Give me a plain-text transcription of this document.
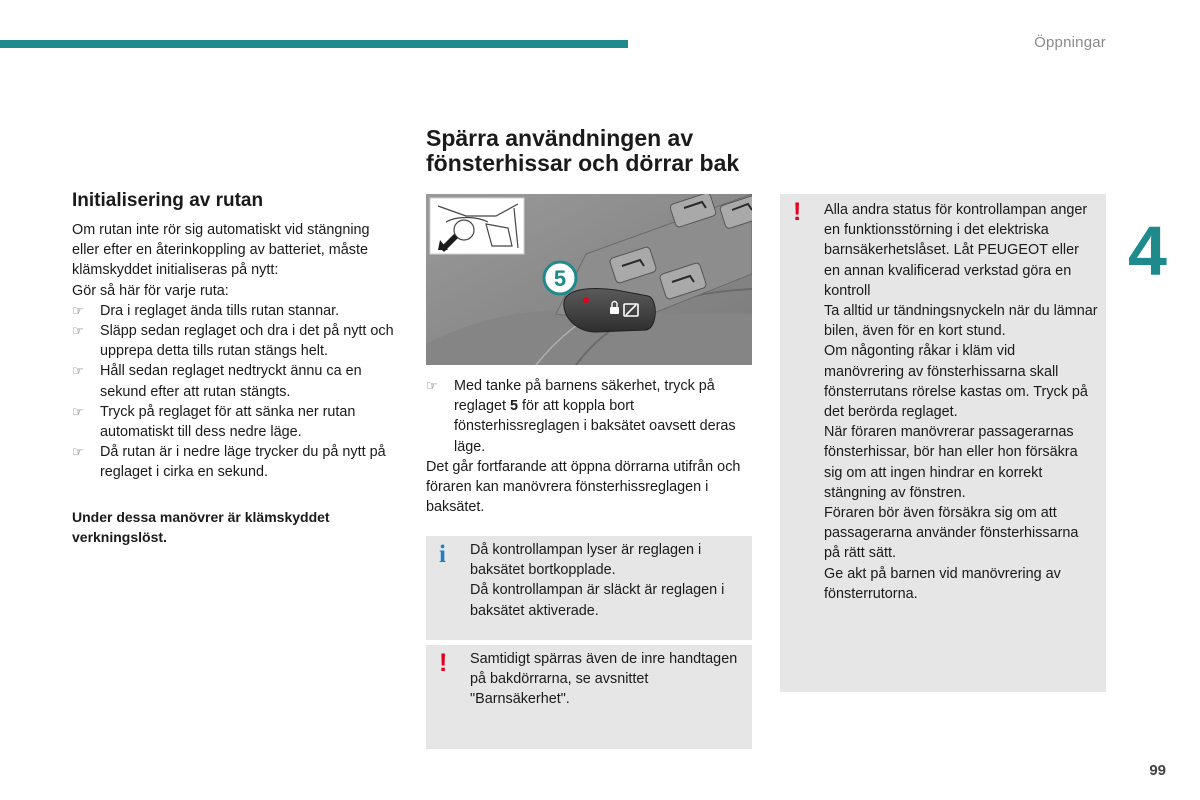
Öppningar
4
Initialisering av rutan

Om rutan inte rör sig automatiskt vid stängning eller efter en återinkoppling av batteriet, måste klämskyddet initialiseras på nytt:

Gör så här för varje ruta:

☞ Dra i reglaget ända tills rutan stannar.
☞ Släpp sedan reglaget och dra i det på nytt och upprepa detta tills rutan stängs helt.
☞ Håll sedan reglaget nedtryckt ännu ca en sekund efter att rutan stängts.
☞ Tryck på reglaget för att sänka ner rutan automatiskt till dess nedre läge.
☞ Då rutan är i nedre läge trycker du på nytt på reglaget i cirka en sekund.

Under dessa manövrer är klämskyddet verkningslöst.

Spärra användningen av
fönsterhissar och dörrar bak
5
☞ Med tanke på barnens säkerhet, tryck på reglaget 5 för att koppla bort fönsterhissreglagen i baksätet oavsett deras läge.

Det går fortfarande att öppna dörrarna utifrån och föraren kan manövrera fönsterhissreglagen i baksätet.

i Då kontrollampan lyser är reglagen i baksätet bortkopplade.

Då kontrollampan är släckt är reglagen i baksätet aktiverade.

! Samtidigt spärras även de inre handtagen på bakdörrarna, se avsnittet "Barnsäkerhet".

! Alla andra status för kontrollampan anger en funktionsstörning i det elektriska barnsäkerhetslåset. Låt PEUGEOT eller en annan kvalificerad verkstad göra en kontroll

Ta alltid ur tändningsnyckeln när du lämnar bilen, även för en kort stund.

Om någonting råkar i kläm vid manövrering av fönsterhissarna skall fönsterrutans rörelse kastas om. Tryck på det berörda reglaget.

När föraren manövrerar passagerarnas fönsterhissar, bör han eller hon försäkra sig om att ingen hindrar en korrekt stängning av fönstren.

Föraren bör även försäkra sig om att passagerarna använder fönsterhissarna på rätt sätt.

Ge akt på barnen vid manövrering av fönsterrutorna.

99
